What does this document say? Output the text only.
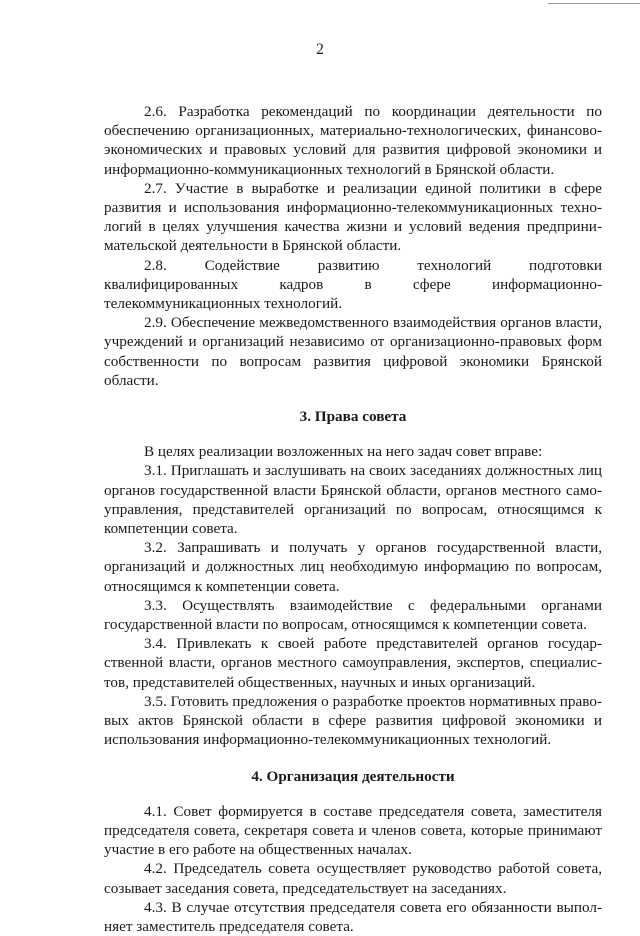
2

2.6. Разработка рекомендаций по координации деятельности по обеспечению организационных, материально-технологических, финансово-экономических и правовых условий для развития цифровой экономики и информационно-коммуникационных технологий в Брянской области.

2.7. Участие в выработке и реализации единой политики в сфере развития и использования информационно-телекоммуникационных технологий в целях улучшения качества жизни и условий ведения предпринимательской деятельности в Брянской области.

2.8. Содействие развитию технологий подготовки квалифицированных кадров в сфере информационно-телекоммуникационных технологий.

2.9. Обеспечение межведомственного взаимодействия органов власти, учреждений и организаций независимо от организационно-правовых форм собственности по вопросам развития цифровой экономики Брянской области.

3. Права совета

В целях реализации возложенных на него задач совет вправе:

3.1. Приглашать и заслушивать на своих заседаниях должностных лиц органов государственной власти Брянской области, органов местного самоуправления, представителей организаций по вопросам, относящимся к компетенции совета.

3.2. Запрашивать и получать у органов государственной власти, организаций и должностных лиц необходимую информацию по вопросам, относящимся к компетенции совета.

3.3. Осуществлять взаимодействие с федеральными органами государственной власти по вопросам, относящимся к компетенции совета.

3.4. Привлекать к своей работе представителей органов государственной власти, органов местного самоуправления, экспертов, специалистов, представителей общественных, научных и иных организаций.

3.5. Готовить предложения о разработке проектов нормативных правовых актов Брянской области в сфере развития цифровой экономики и использования информационно-телекоммуникационных технологий.

4. Организация деятельности

4.1. Совет формируется в составе председателя совета, заместителя председателя совета, секретаря совета и членов совета, которые принимают участие в его работе на общественных началах.

4.2. Председатель совета осуществляет руководство работой совета, созывает заседания совета, председательствует на заседаниях.

4.3. В случае отсутствия председателя совета его обязанности выполняет заместитель председателя совета.
